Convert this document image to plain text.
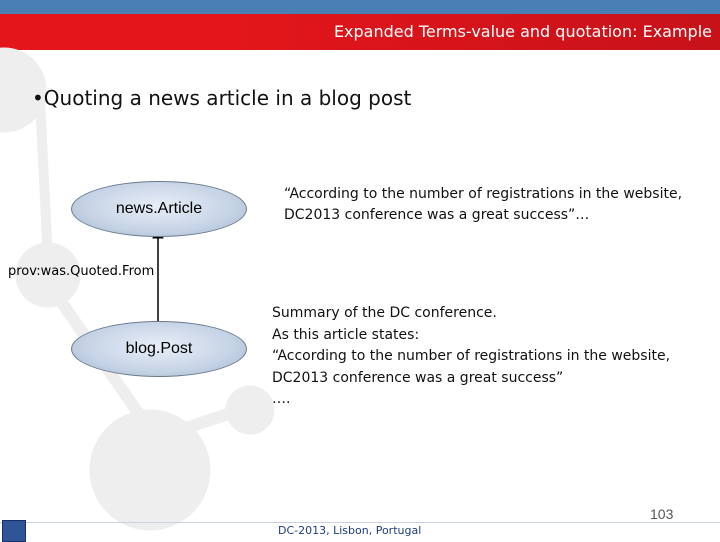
Expanded Terms-value and quotation: Example
•Quoting a news article in a blog post
news.Article
blog.Post
prov:was.Quoted.From
“According to the number of registrations in the website,
DC2013 conference was a great success”…
Summary of the DC conference.
As this article states:
“According to the number of registrations in the website,
DC2013 conference was a great success”
….
DC-2013, Lisbon, Portugal
103
